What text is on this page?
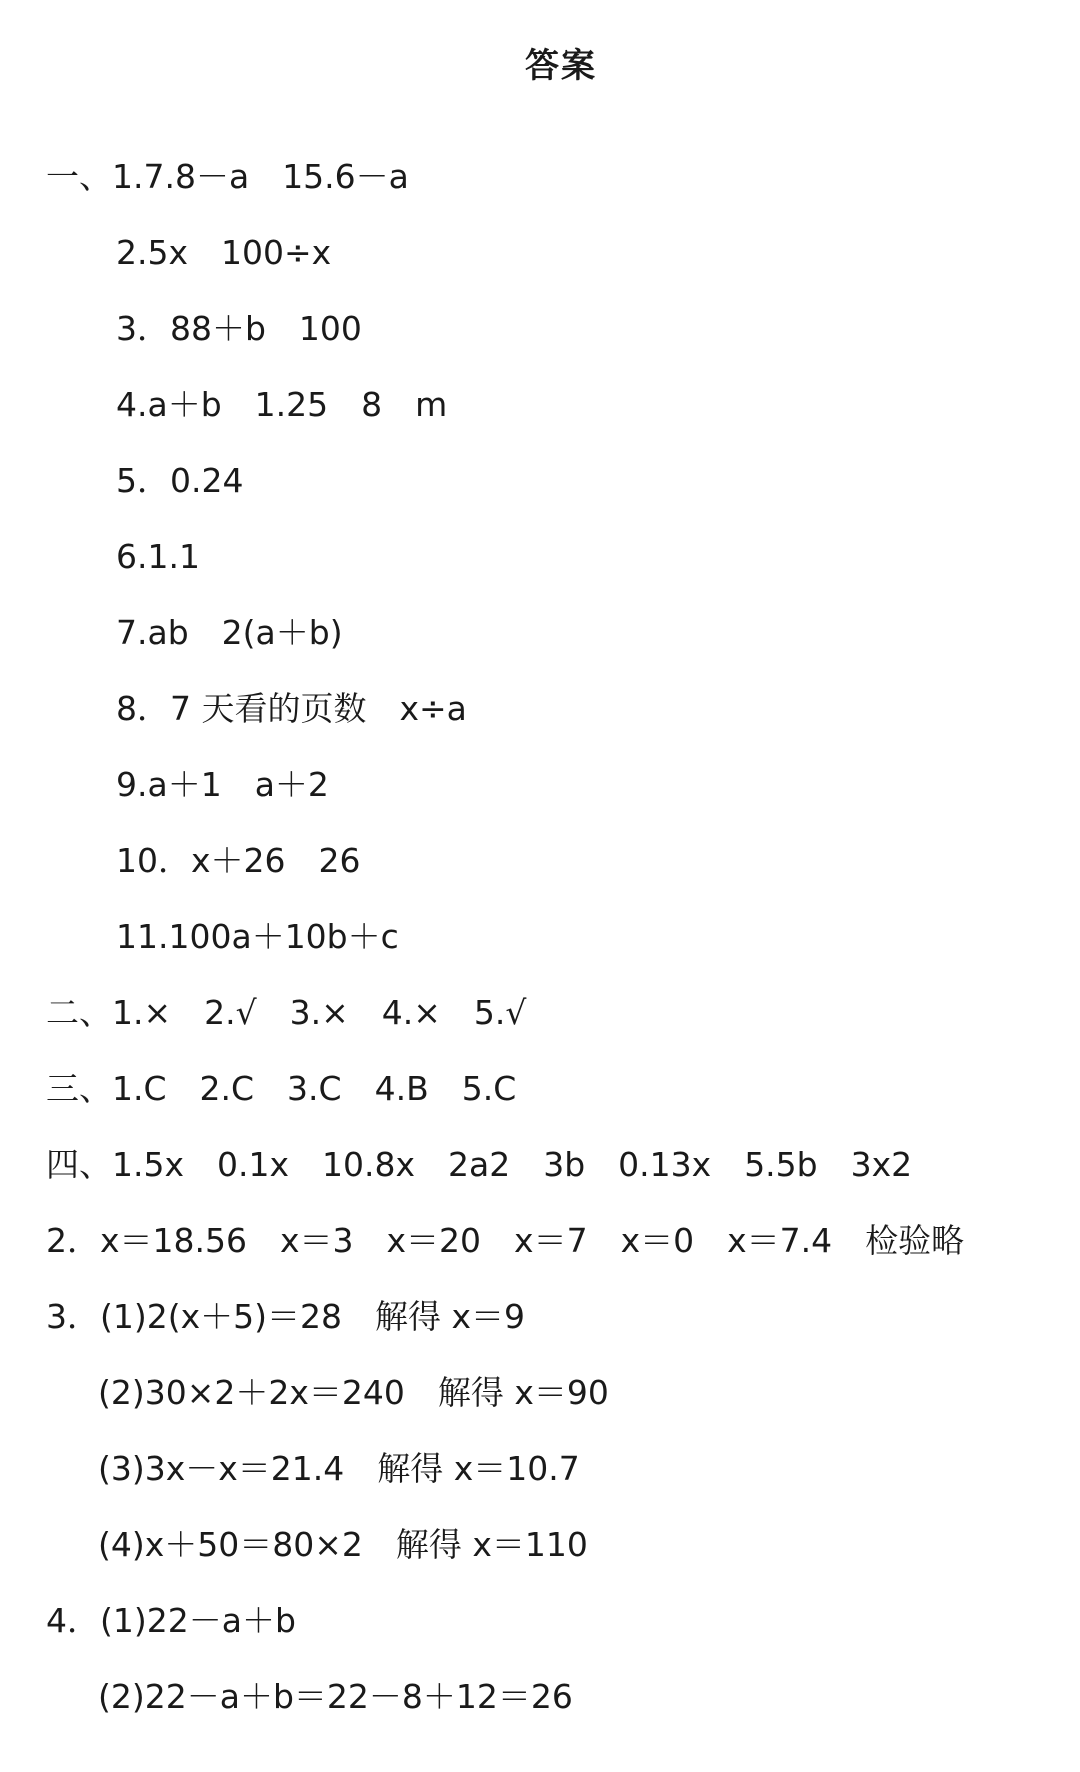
答案
一、1.7.8－a　15.6－a
2.5x　100÷x
3．88＋b　100
4.a＋b　1.25　8　m
5．0.24
6.1.1
7.ab　2(a＋b)
8．7 天看的页数　x÷a
9.a＋1　a＋2
10．x＋26　26
11.100a＋10b＋c
二、1.×　2.√　3.×　4.×　5.√
三、1.C　2.C　3.C　4.B　5.C
四、1.5x　0.1x　10.8x　2a2　3b　0.13x　5.5b　3x2
2．x＝18.56　x＝3　x＝20　x＝7　x＝0　x＝7.4　检验略
3．(1)2(x＋5)＝28　解得 x＝9
(2)30×2＋2x＝240　解得 x＝90
(3)3x－x＝21.4　解得 x＝10.7
(4)x＋50＝80×2　解得 x＝110
4．(1)22－a＋b
(2)22－a＋b＝22－8＋12＝26
